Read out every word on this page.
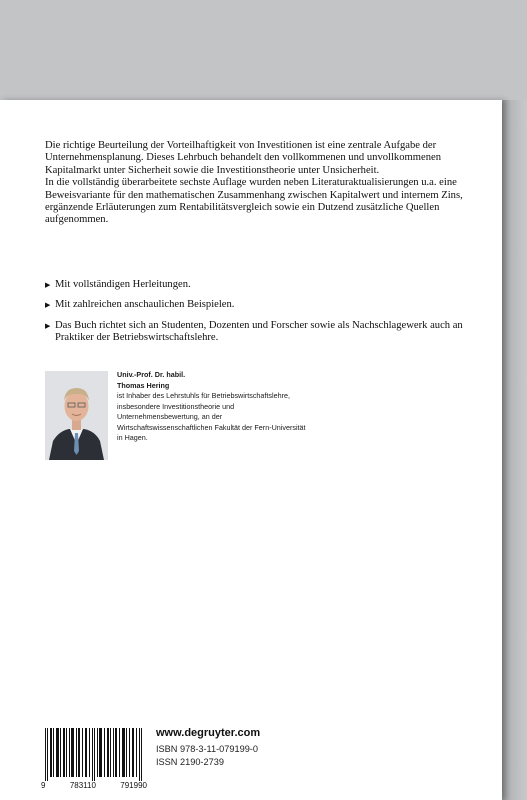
Die richtige Beurteilung der Vorteilhaftigkeit von Investitionen ist eine zentrale Aufgabe der Unternehmensplanung. Dieses Lehrbuch behandelt den vollkommenen und unvollkommenen Kapitalmarkt unter Sicherheit sowie die Investitionstheorie unter Unsicherheit.

In die vollständig überarbeitete sechste Auflage wurden neben Literaturaktualisierungen u.a. eine Beweisvariante für den mathematischen Zusammenhang zwischen Kapitalwert und internem Zins, ergänzende Erläuterungen zum Rentabilitätsvergleich sowie ein Dutzend zusätzliche Quellen aufgenommen.

▶ Mit vollständigen Herleitungen.
▶ Mit zahlreichen anschaulichen Beispielen.
▶ Das Buch richtet sich an Studenten, Dozenten und Forscher sowie als Nachschlagewerk auch an Praktiker der Betriebswirtschaftslehre.
Univ.-Prof. Dr. habil.
Thomas Hering
ist Inhaber des Lehrstuhls für Betriebswirtschaftslehre, insbesondere Investitionstheorie und Unternehmensbewertung, an der Wirtschaftswissenschaftlichen Fakultät der Fern-Universität in Hagen.
9	783110	791990
www.degruyter.com
ISBN 978-3-11-079199-0
ISSN 2190-2739
